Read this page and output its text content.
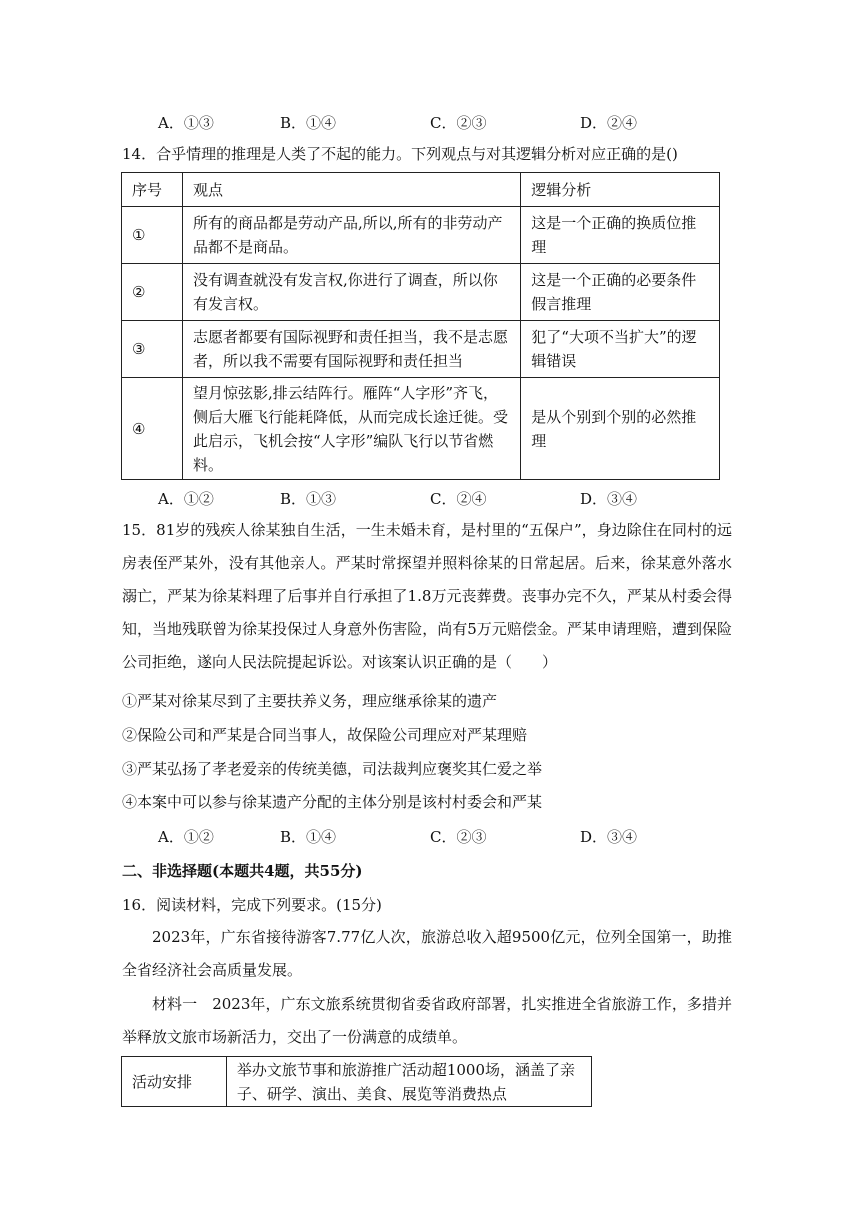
A．①③	B．①④	C．②③	D．②④
14．合乎情理的推理是人类了不起的能力。下列观点与对其逻辑分析对应正确的是()
序号	观点	逻辑分析
①	所有的商品都是劳动产品,所以,所有的非劳动产品都不是商品。	这是一个正确的换质位推理
②	没有调查就没有发言权,你进行了调查，所以你有发言权。	这是一个正确的必要条件假言推理
③	志愿者都要有国际视野和责任担当，我不是志愿者，所以我不需要有国际视野和责任担当	犯了“大项不当扩大”的逻辑错误
④	望月惊弦影,排云结阵行。雁阵“人字形”齐飞，侧后大雁飞行能耗降低，从而完成长途迁徙。受此启示，飞机会按“人字形”编队飞行以节省燃料。	是从个别到个别的必然推理
A．①②	B．①③	C．②④	D．③④
15．81岁的残疾人徐某独自生活，一生未婚未育，是村里的“五保户”，身边除住在同村的远房表侄严某外，没有其他亲人。严某时常探望并照料徐某的日常起居。后来，徐某意外落水溺亡，严某为徐某料理了后事并自行承担了1.8万元丧葬费。丧事办完不久，严某从村委会得知，当地残联曾为徐某投保过人身意外伤害险，尚有5万元赔偿金。严某申请理赔，遭到保险公司拒绝，遂向人民法院提起诉讼。对该案认识正确的是（　　）
①严某对徐某尽到了主要扶养义务，理应继承徐某的遗产
②保险公司和严某是合同当事人，故保险公司理应对严某理赔
③严某弘扬了孝老爱亲的传统美德，司法裁判应褒奖其仁爱之举
④本案中可以参与徐某遗产分配的主体分别是该村村委会和严某
A．①②	B．①④	C．②③	D．③④
二、非选择题(本题共4题，共55分)
16．阅读材料，完成下列要求。(15分)
2023年，广东省接待游客7.77亿人次，旅游总收入超9500亿元，位列全国第一，助推全省经济社会高质量发展。
材料一　2023年，广东文旅系统贯彻省委省政府部署，扎实推进全省旅游工作，多措并举释放文旅市场新活力，交出了一份满意的成绩单。
活动安排	举办文旅节事和旅游推广活动超1000场，涵盖了亲子、研学、演出、美食、展览等消费热点
